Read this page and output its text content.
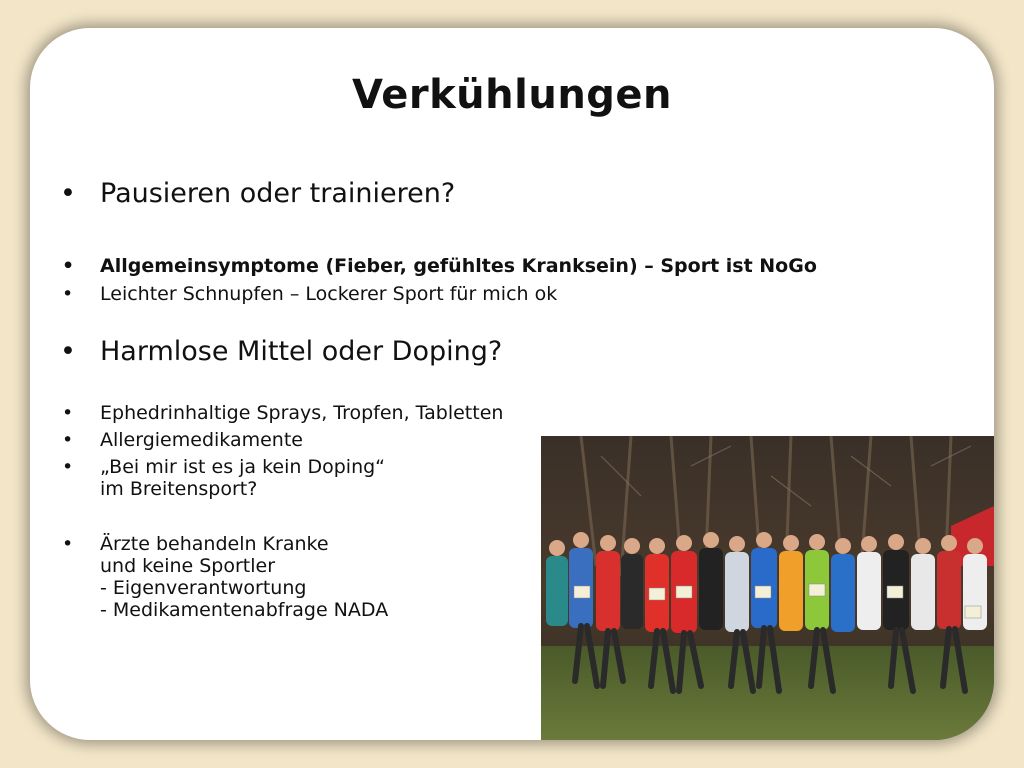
Verkühlungen
• Pausieren oder trainieren?
• Allgemeinsymptome (Fieber, gefühltes Kranksein) – Sport ist NoGo
• Leichter Schnupfen – Lockerer Sport für mich ok
• Harmlose Mittel oder Doping?
• Ephedrinhaltige Sprays, Tropfen, Tabletten
• Allergiemedikamente
• „Bei mir ist es ja kein Doping“
im Breitensport?
• Ärzte behandeln Kranke
und keine Sportler
- Eigenverantwortung
- Medikamentenabfrage NADA
